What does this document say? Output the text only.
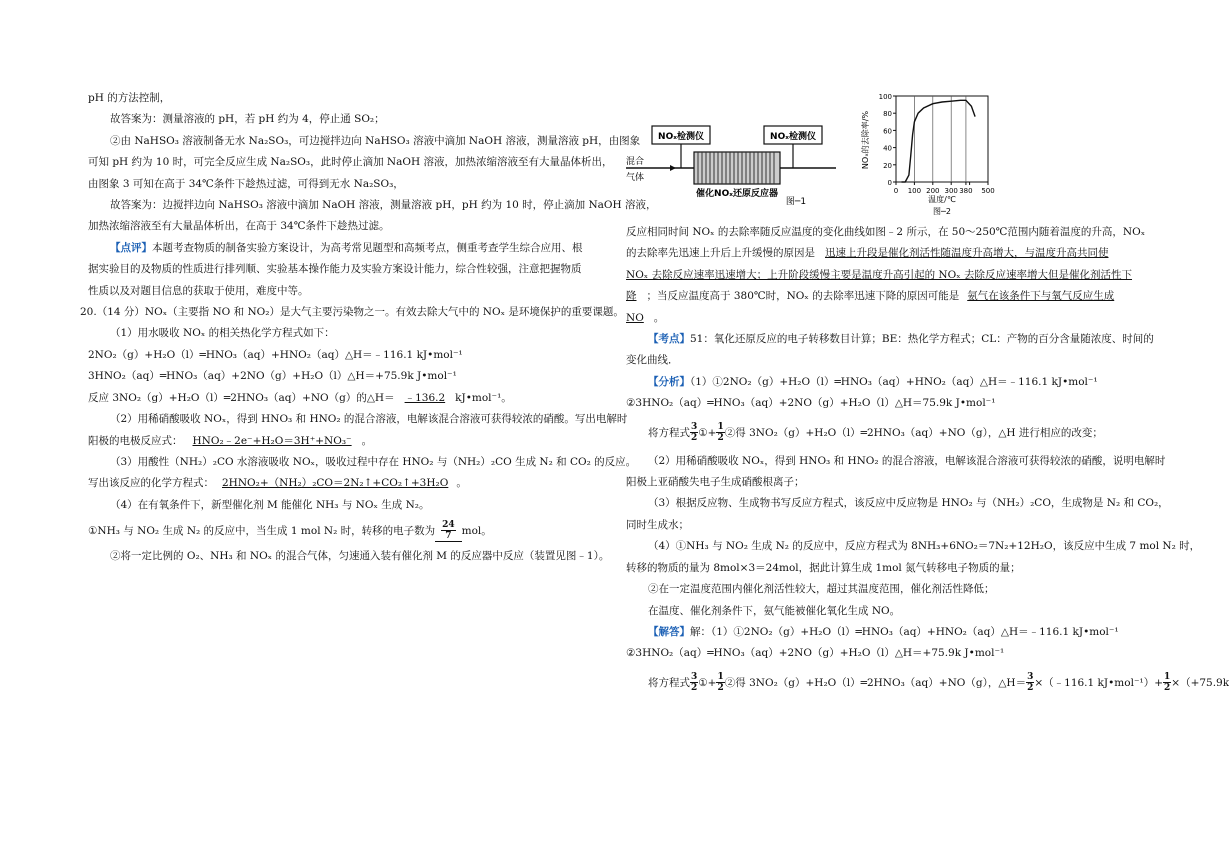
pH 的方法控制，

故答案为：测量溶液的 pH，若 pH 约为 4，停止通 SO₂；

②由 NaHSO₃ 溶液制备无水 Na₂SO₃，可边搅拌边向 NaHSO₃ 溶液中滴加 NaOH 溶液，测量溶液 pH，由图象

可知 pH 约为 10 时，可完全反应生成 Na₂SO₃，此时停止滴加 NaOH 溶液，加热浓缩溶液至有大量晶体析出，

由图象 3 可知在高于 34℃条件下趁热过滤，可得到无水 Na₂SO₃，

故答案为：边搅拌边向 NaHSO₃ 溶液中滴加 NaOH 溶液，测量溶液 pH，pH 约为 10 时，停止滴加 NaOH 溶液，

加热浓缩溶液至有大量晶体析出，在高于 34℃条件下趁热过滤。

【点评】本题考查物质的制备实验方案设计，为高考常见题型和高频考点，侧重考查学生综合应用、根

据实验目的及物质的性质进行排列顺、实验基本操作能力及实验方案设计能力，综合性较强，注意把握物质

性质以及对题目信息的获取于使用，难度中等。

20.（14 分）NOₓ（主要指 NO 和 NO₂）是大气主要污染物之一。有效去除大气中的 NOₓ 是环境保护的重要课题。

（1）用水吸收 NOₓ 的相关热化学方程式如下：

2NO₂（g）+H₂O（l）═HNO₃（aq）+HNO₂（aq）△H＝﹣116.1 kJ•mol⁻¹

3HNO₂（aq）═HNO₃（aq）+2NO（g）+H₂O（l）△H＝+75.9k J•mol⁻¹

反应 3NO₂（g）+H₂O（l）═2HNO₃（aq）+NO（g）的△H＝ ﹣136.2 kJ•mol⁻¹。

（2）用稀硝酸吸收 NOₓ，得到 HNO₃ 和 HNO₂ 的混合溶液，电解该混合溶液可获得较浓的硝酸。写出电解时

阳极的电极反应式： HNO₂﹣2e⁻+H₂O＝3H⁺+NO₃⁻ 。

（3）用酸性（NH₂）₂CO 水溶液吸收 NOₓ，吸收过程中存在 HNO₂ 与（NH₂）₂CO 生成 N₂ 和 CO₂ 的反应。

写出该反应的化学方程式： 2HNO₂+（NH₂）₂CO＝2N₂↑+CO₂↑+3H₂O 。

（4）在有氧条件下，新型催化剂 M 能催化 NH₃ 与 NOₓ 生成 N₂。

①NH₃ 与 NO₂ 生成 N₂ 的反应中，当生成 1 mol N₂ 时，转移的电子数为 $\frac{24}{7}$ mol。

②将一定比例的 O₂、NH₃ 和 NOₓ 的混合气体，匀速通入装有催化剂 M 的反应器中反应（装置见图﹣1）。

NOₓ检测仪	NOₓ检测仪
混合
气体
催化NOₓ还原反应器
图─1
NOₓ的去除率/%
0
20
40
60
80
100
0 100 200 300 380 500
温度/℃
图─2

反应相同时间 NOₓ 的去除率随反应温度的变化曲线如图﹣2 所示，在 50～250℃范围内随着温度的升高，NOₓ

的去除率先迅速上升后上升缓慢的原因是 迅速上升段是催化剂活性随温度升高增大，与温度升高共同使

NOₓ 去除反应速率迅速增大；上升阶段缓慢主要是温度升高引起的 NOₓ 去除反应速率增大但是催化剂活性下

降 ；当反应温度高于 380℃时，NOₓ 的去除率迅速下降的原因可能是 氨气在该条件下与氧气反应生成

NO 。

【考点】51：氧化还原反应的电子转移数目计算；BE：热化学方程式；CL：产物的百分含量随浓度、时间的

变化曲线．

【分析】（1）①2NO₂（g）+H₂O（l）═HNO₃（aq）+HNO₂（aq）△H＝﹣116.1 kJ•mol⁻¹

②3HNO₂（aq）═HNO₃（aq）+2NO（g）+H₂O（l）△H＝75.9k J•mol⁻¹

将方程式 $\frac{3}{2}$ ①+ $\frac{1}{2}$ ②得 3NO₂（g）+H₂O（l）═2HNO₃（aq）+NO（g），△H 进行相应的改变；

（2）用稀硝酸吸收 NOₓ，得到 HNO₃ 和 HNO₂ 的混合溶液，电解该混合溶液可获得较浓的硝酸，说明电解时

阳极上亚硝酸失电子生成硝酸根离子；

（3）根据反应物、生成物书写反应方程式，该反应中反应物是 HNO₂ 与（NH₂）₂CO，生成物是 N₂ 和 CO₂，

同时生成水；

（4）①NH₃ 与 NO₂ 生成 N₂ 的反应中，反应方程式为 8NH₃+6NO₂＝7N₂+12H₂O，该反应中生成 7 mol N₂ 时，

转移的物质的量为 8mol×3＝24mol，据此计算生成 1mol 氮气转移电子物质的量；

②在一定温度范围内催化剂活性较大，超过其温度范围，催化剂活性降低；

在温度、催化剂条件下，氨气能被催化氧化生成 NO。

【解答】解：（1）①2NO₂（g）+H₂O（l）═HNO₃（aq）+HNO₂（aq）△H＝﹣116.1 kJ•mol⁻¹

②3HNO₂（aq）═HNO₃（aq）+2NO（g）+H₂O（l）△H＝+75.9k J•mol⁻¹

将方程式 $\frac{3}{2}$ ①+ $\frac{1}{2}$ ②得 3NO₂（g）+H₂O（l）═2HNO₃（aq）+NO（g），△H＝ $\frac{3}{2}$ ×（﹣116.1 kJ•mol⁻¹）+ $\frac{1}{2} \times(+75.9k$
